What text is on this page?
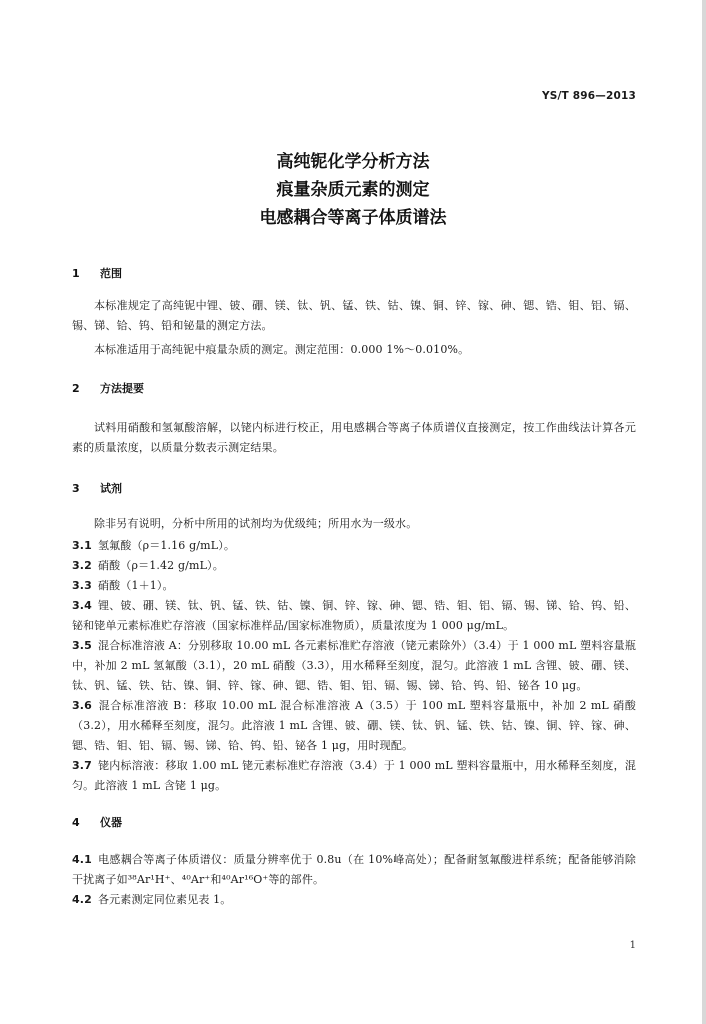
YS/T 896—2013
高纯铌化学分析方法
痕量杂质元素的测定
电感耦合等离子体质谱法
1 范围
本标准规定了高纯铌中锂、铍、硼、镁、钛、钒、锰、铁、钴、镍、铜、锌、镓、砷、锶、锆、钼、铝、镉、锡、锑、铪、钨、铅和铋量的测定方法。
本标准适用于高纯铌中痕量杂质的测定。测定范围：0.000 1%～0.010%。
2 方法提要
试料用硝酸和氢氟酸溶解，以铑内标进行校正，用电感耦合等离子体质谱仪直接测定，按工作曲线法计算各元素的质量浓度，以质量分数表示测定结果。
3 试剂
除非另有说明，分析中所用的试剂均为优级纯；所用水为一级水。
3.1 氢氟酸（ρ＝1.16 g/mL）。
3.2 硝酸（ρ＝1.42 g/mL）。
3.3 硝酸（1＋1）。
3.4 锂、铍、硼、镁、钛、钒、锰、铁、钴、镍、铜、锌、镓、砷、锶、锆、钼、铝、镉、锡、锑、铪、钨、铅、铋和铑单元素标准贮存溶液（国家标准样品/国家标准物质），质量浓度为 1 000 μg/mL。
3.5 混合标准溶液 A：分别移取 10.00 mL 各元素标准贮存溶液（铑元素除外）（3.4）于 1 000 mL 塑料容量瓶中，补加 2 mL 氢氟酸（3.1），20 mL 硝酸（3.3），用水稀释至刻度，混匀。此溶液 1 mL 含锂、铍、硼、镁、钛、钒、锰、铁、钴、镍、铜、锌、镓、砷、锶、锆、钼、铝、镉、锡、锑、铪、钨、铅、铋各 10 μg。
3.6 混合标准溶液 B：移取 10.00 mL 混合标准溶液 A（3.5）于 100 mL 塑料容量瓶中，补加 2 mL 硝酸（3.2），用水稀释至刻度，混匀。此溶液 1 mL 含锂、铍、硼、镁、钛、钒、锰、铁、钴、镍、铜、锌、镓、砷、锶、锆、钼、铝、镉、锡、锑、铪、钨、铅、铋各 1 μg，用时现配。
3.7 铑内标溶液：移取 1.00 mL 铑元素标准贮存溶液（3.4）于 1 000 mL 塑料容量瓶中，用水稀释至刻度，混匀。此溶液 1 mL 含铑 1 μg。
4 仪器
4.1 电感耦合等离子体质谱仪：质量分辨率优于 0.8u（在 10%峰高处）；配备耐氢氟酸进样系统；配备能够消除干扰离子如³⁸Ar¹H⁺、⁴⁰Ar⁺和⁴⁰Ar¹⁶O⁺等的部件。
4.2 各元素测定同位素见表 1。
1
